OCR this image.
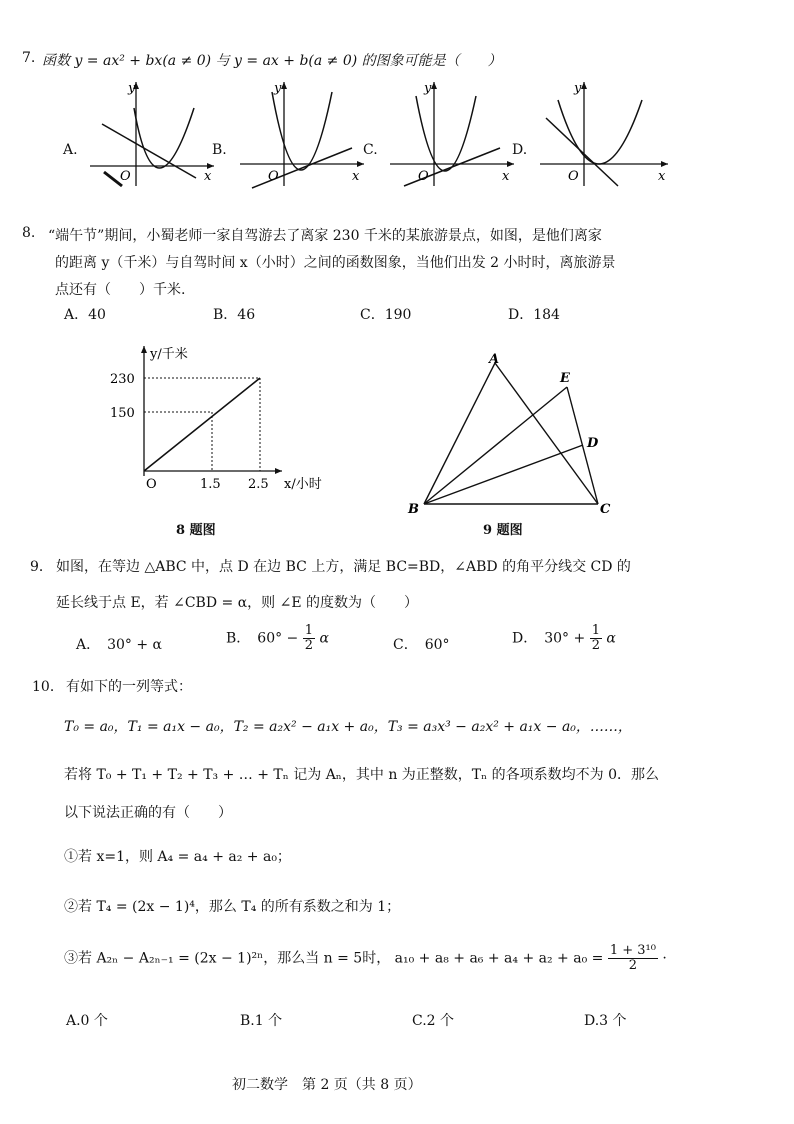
7. 函数 y = ax² + bx(a ≠ 0) 与 y = ax + b(a ≠ 0) 的图象可能是（　　）
A.	B.	C.	D.
y
x
O
y
x
O
y
x
O
y
x
O
8. “端午节”期间，小蜀老师一家自驾游去了离家 230 千米的某旅游景点，如图，是他们离家
的距离 y（千米）与自驾时间 x（小时）之间的函数图象，当他们出发 2 小时时，离旅游景
点还有（　　）千米.
A．40	B．46	C．190	D．184
y/千米
x/小时
O
230
150
1.5 2.5
8 题图
A
E
D
B	C
9 题图
9． 如图，在等边 △ABC 中，点 D 在边 BC 上方，满足 BC=BD，∠ABD 的角平分线交 CD 的
延长线于点 E，若 ∠CBD = α，则 ∠E 的度数为（　　）
A．　30° + α	B．　$60^\circ - \frac{1}{2}$ α	C．　60°	D．　$30^\circ + \frac{1}{2}$ α
10． 有如下的一列等式：
T₀ = a₀，T₁ = a₁x − a₀，T₂ = a₂x² − a₁x + a₀，T₃ = a₃x³ − a₂x² + a₁x − a₀，……，
若将 T₀ + T₁ + T₂ + T₃ + … + Tₙ 记为 Aₙ，其中 n 为正整数，Tₙ 的各项系数均不为 0．那么
以下说法正确的有（　　）
①若 x=1，则 A₄ = a₄ + a₂ + a₀；
②若 T₄ = (2x − 1)⁴，那么 T₄ 的所有系数之和为 1；
③若 A₂ₙ − A₂ₙ₋₁ = (2x − 1)²ⁿ，那么当 n = 5时， $a_{10} + a_8 + a_6 + a_4 + a_2 + a_0 = \frac{\text{1 + 3¹⁰}}{2}$ ·
A.0 个	B.1 个	C.2 个	D.3 个
初二数学　第 2 页（共 8 页）
